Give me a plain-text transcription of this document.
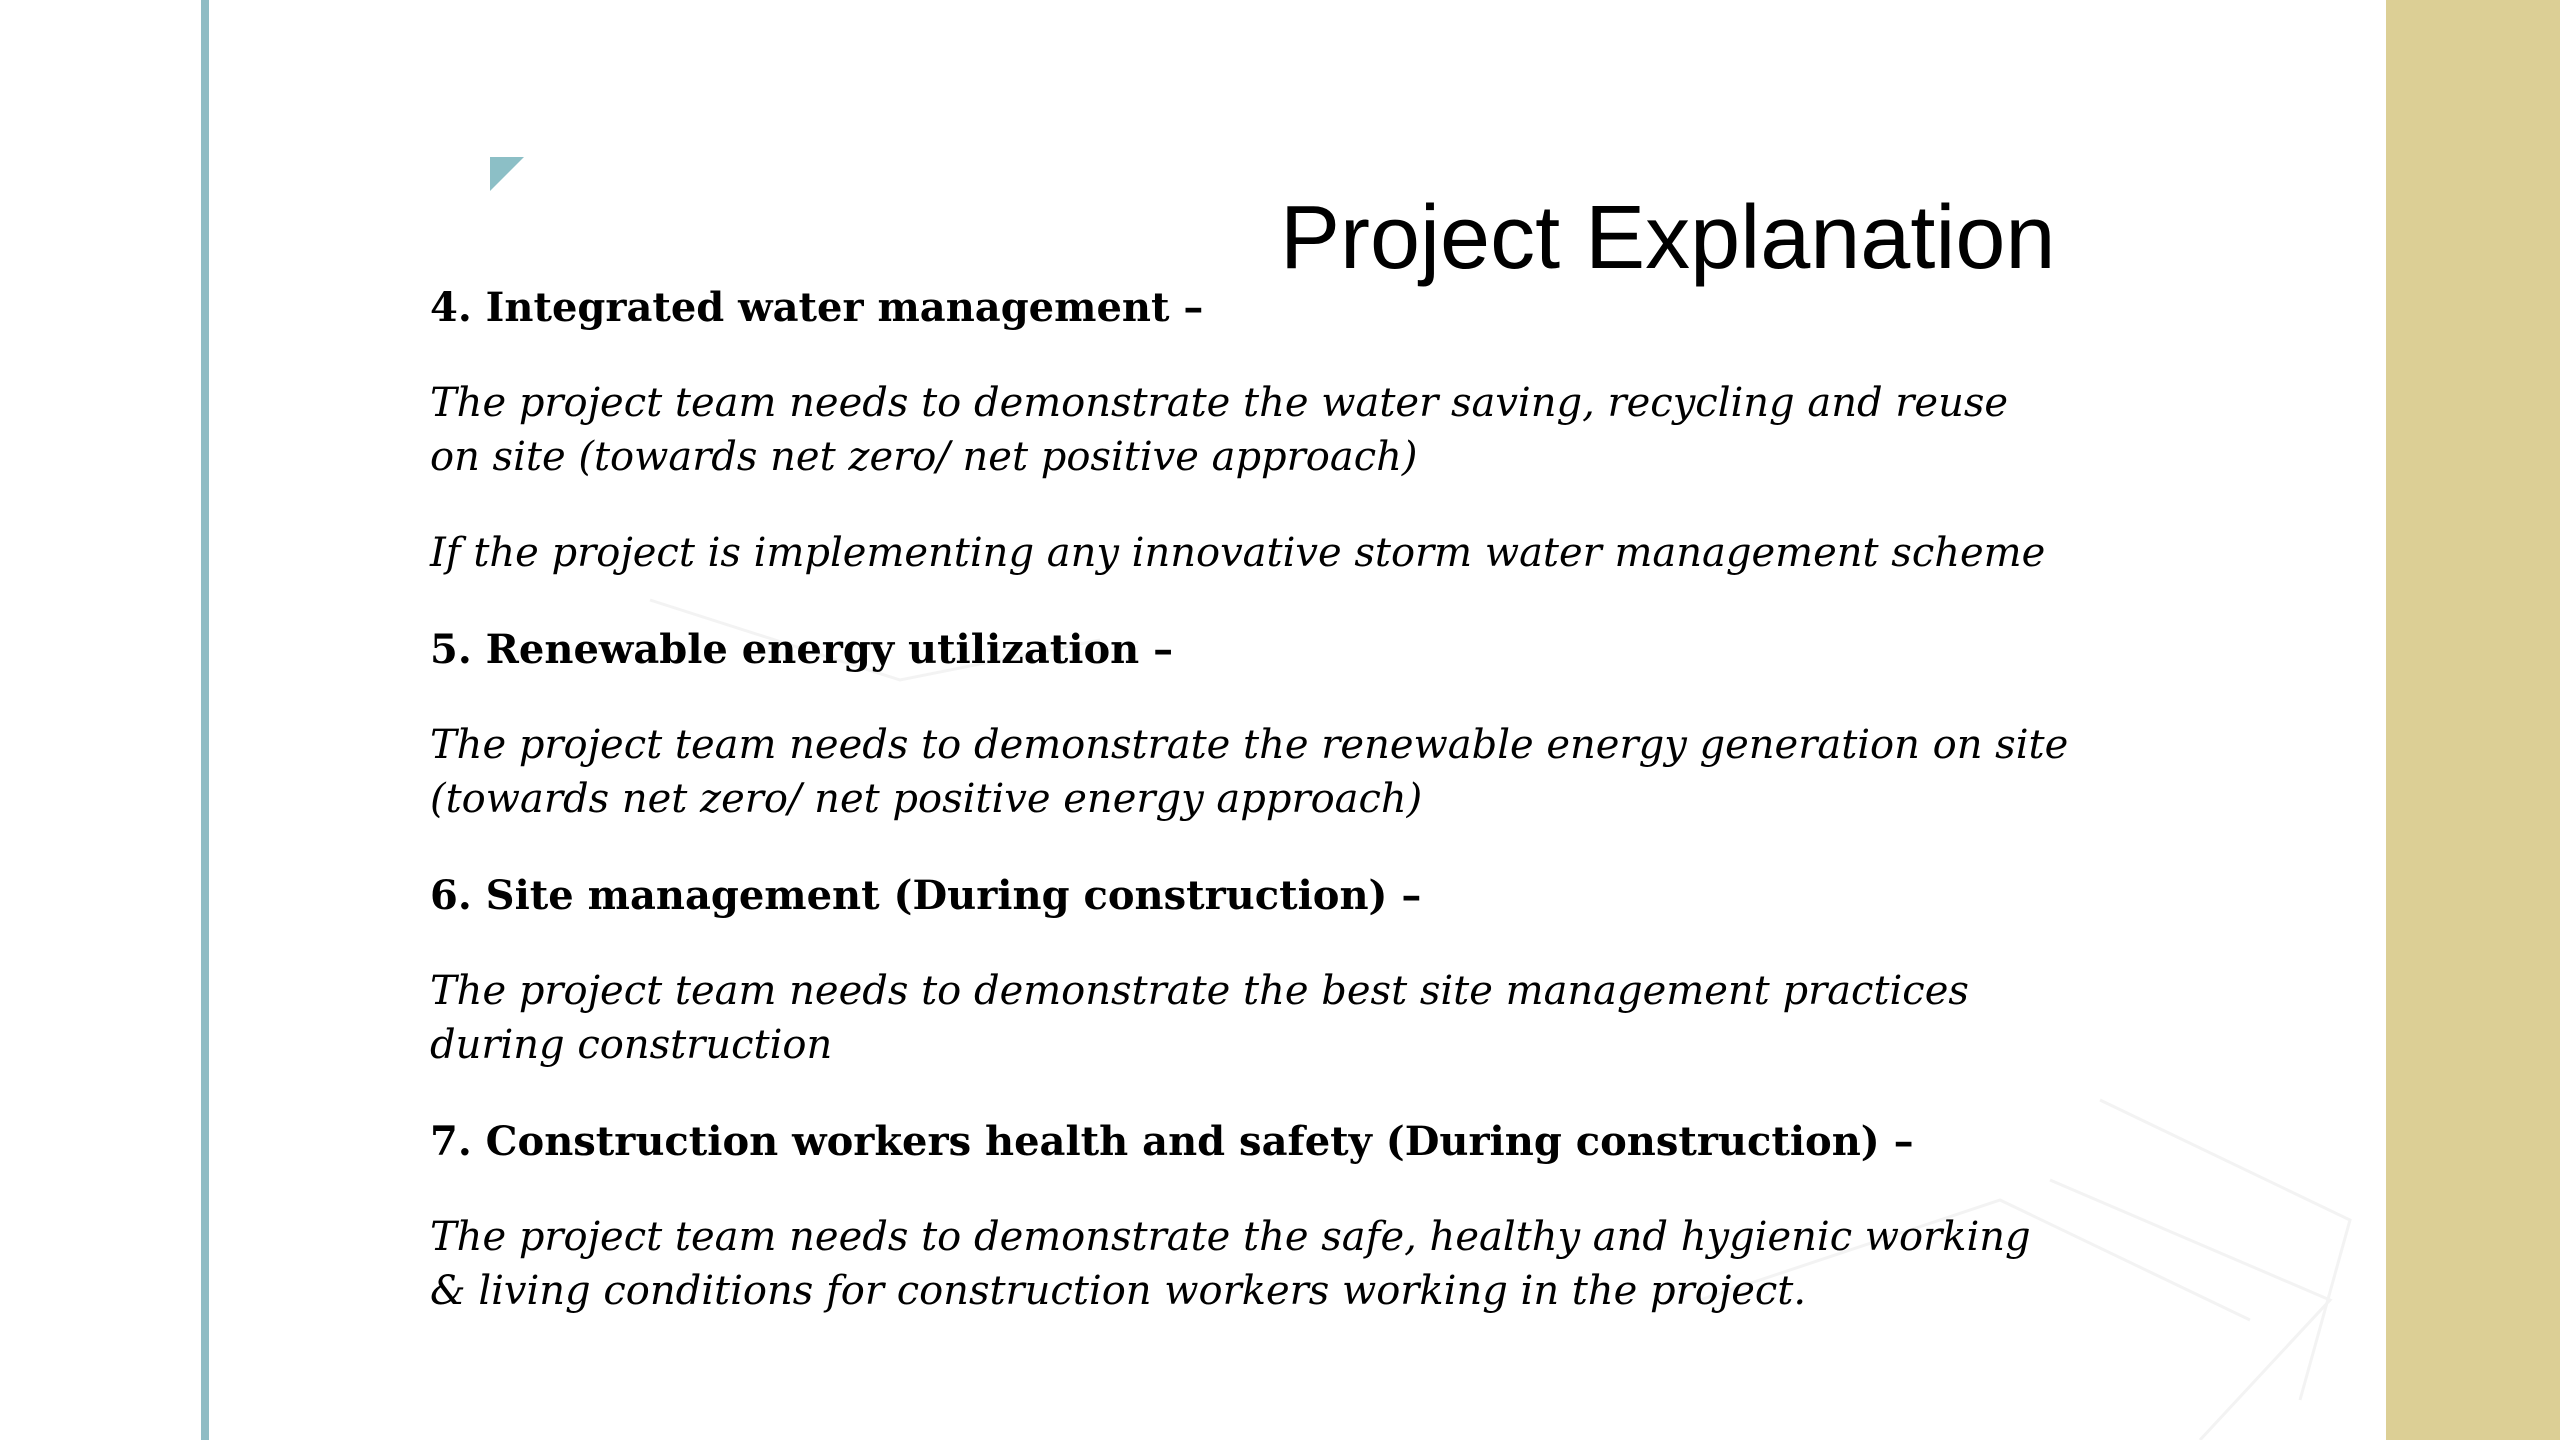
Project Explanation

4. Integrated water management –

The project team needs to demonstrate the water saving, recycling and reuse on site (towards net zero/ net positive approach)

If the project is implementing any innovative storm water management scheme

5. Renewable energy utilization –

The project team needs to demonstrate the renewable energy generation on site (towards net zero/ net positive energy approach)

6. Site management (During construction) –

The project team needs to demonstrate the best site management practices during construction

7. Construction workers health and safety (During construction) –

The project team needs to demonstrate the safe, healthy and hygienic working & living conditions for construction workers working in the project.
